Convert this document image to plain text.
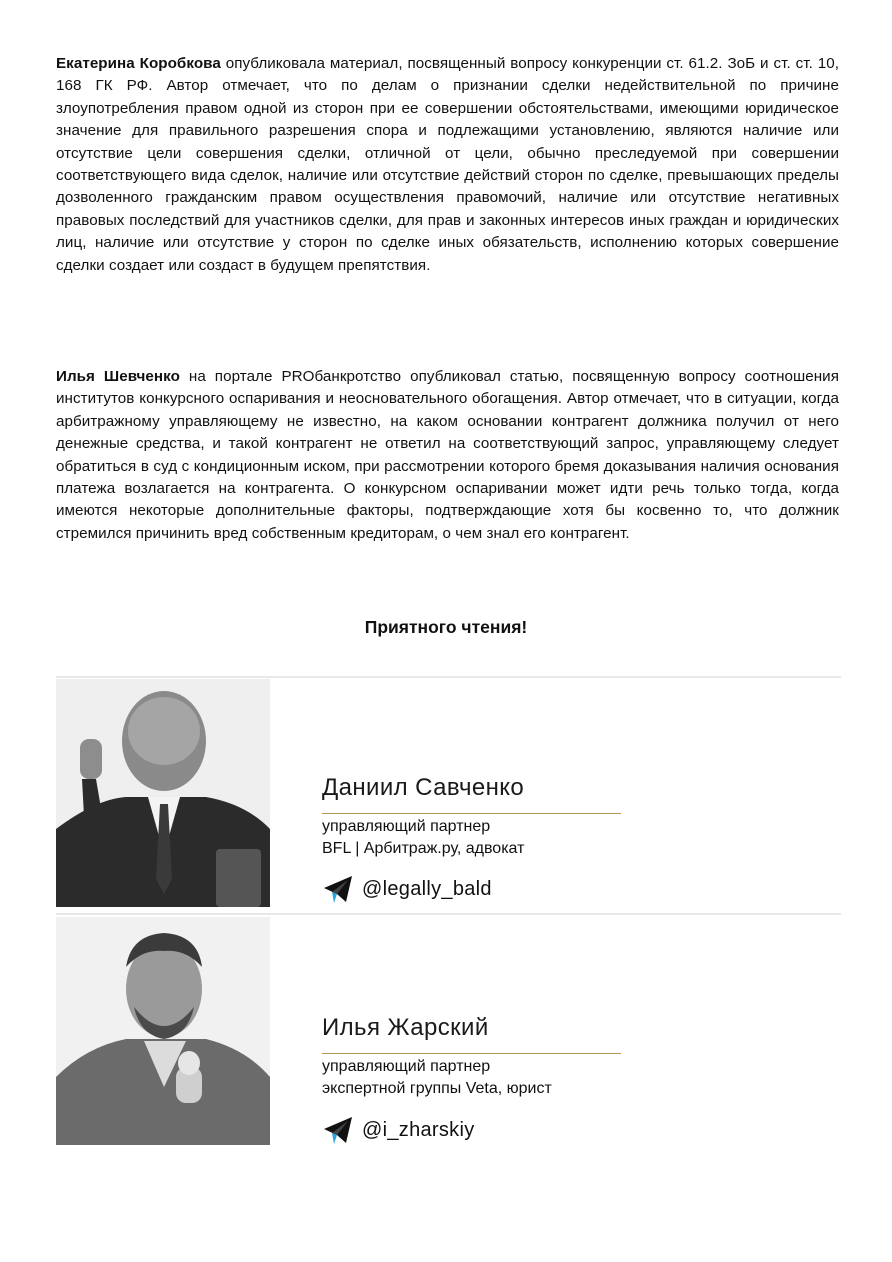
Екатерина Коробкова опубликовала материал, посвященный вопросу конкуренции ст. 61.2. ЗоБ и ст. ст. 10, 168 ГК РФ. Автор отмечает, что по делам о признании сделки недействительной по причине злоупотребления правом одной из сторон при ее совершении обстоятельствами, имеющими юридическое значение для правильного разрешения спора и подлежащими установлению, являются наличие или отсутствие цели совершения сделки, отличной от цели, обычно преследуемой при совершении соответствующего вида сделок, наличие или отсутствие действий сторон по сделке, превышающих пределы дозволенного гражданским правом осуществления правомочий, наличие или отсутствие негативных правовых последствий для участников сделки, для прав и законных интересов иных граждан и юридических лиц, наличие или отсутствие у сторон по сделке иных обязательств, исполнению которых совершение сделки создает или создаст в будущем препятствия.

Илья Шевченко на портале PROбанкротство опубликовал статью, посвященную вопросу соотношения институтов конкурсного оспаривания и неосновательного обогащения. Автор отмечает, что в ситуации, когда арбитражному управляющему не известно, на каком основании контрагент должника получил от него денежные средства, и такой контрагент не ответил на соответствующий запрос, управляющему следует обратиться в суд с кондиционным иском, при рассмотрении которого бремя доказывания наличия основания платежа возлагается на контрагента. О конкурсном оспаривании может идти речь только тогда, когда имеются некоторые дополнительные факторы, подтверждающие хотя бы косвенно то, что должник стремился причинить вред собственным кредиторам, о чем знал его контрагент.

Приятного чтения!
Даниил Савченко
управляющий партнер
BFL | Арбитраж.ру, адвокат
@legally_bald
Илья Жарский
управляющий партнер
экспертной группы Veta, юрист
@i_zharskiy
